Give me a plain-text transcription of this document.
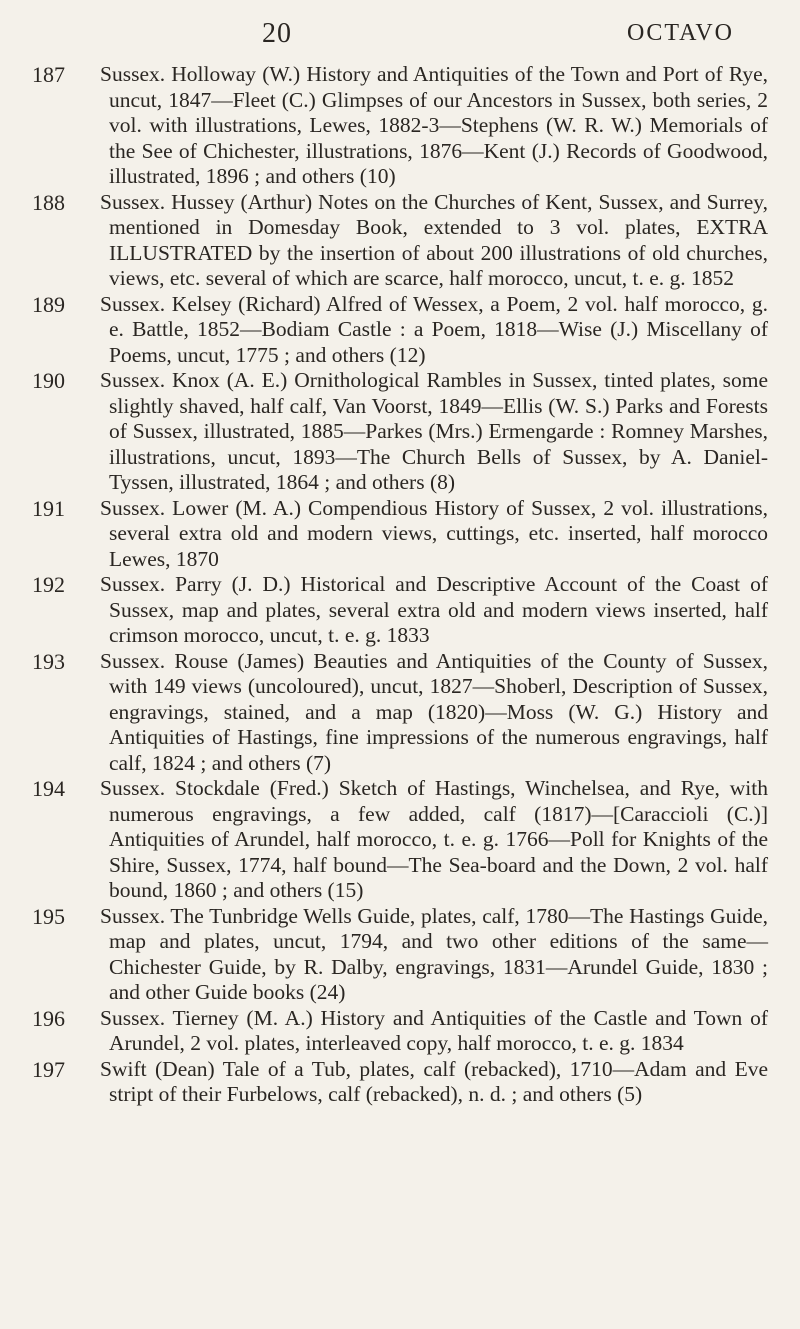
20	OCTAVO
187	Sussex. Holloway (W.) History and Antiquities of the Town and Port of Rye, uncut, 1847—Fleet (C.) Glimpses of our Ancestors in Sussex, both series, 2 vol. with illustrations, Lewes, 1882-3—Stephens (W. R. W.) Memorials of the See of Chichester, illustrations, 1876—Kent (J.) Records of Goodwood, illustrated, 1896 ; and others (10)
188	Sussex. Hussey (Arthur) Notes on the Churches of Kent, Sussex, and Surrey, mentioned in Domesday Book, extended to 3 vol. plates, EXTRA ILLUSTRATED by the insertion of about 200 illustrations of old churches, views, etc. several of which are scarce, half morocco, uncut, t. e. g. 1852
189	Sussex. Kelsey (Richard) Alfred of Wessex, a Poem, 2 vol. half morocco, g. e. Battle, 1852—Bodiam Castle : a Poem, 1818—Wise (J.) Miscellany of Poems, uncut, 1775 ; and others (12)
190	Sussex. Knox (A. E.) Ornithological Rambles in Sussex, tinted plates, some slightly shaved, half calf, Van Voorst, 1849—Ellis (W. S.) Parks and Forests of Sussex, illustrated, 1885—Parkes (Mrs.) Ermengarde : Romney Marshes, illustrations, uncut, 1893—The Church Bells of Sussex, by A. Daniel-Tyssen, illustrated, 1864 ; and others (8)
191	Sussex. Lower (M. A.) Compendious History of Sussex, 2 vol. illustrations, several extra old and modern views, cuttings, etc. inserted, half morocco Lewes, 1870
192	Sussex. Parry (J. D.) Historical and Descriptive Account of the Coast of Sussex, map and plates, several extra old and modern views inserted, half crimson morocco, uncut, t. e. g. 1833
193	Sussex. Rouse (James) Beauties and Antiquities of the County of Sussex, with 149 views (uncoloured), uncut, 1827—Shoberl, Description of Sussex, engravings, stained, and a map (1820)—Moss (W. G.) History and Antiquities of Hastings, fine impressions of the numerous engravings, half calf, 1824 ; and others (7)
194	Sussex. Stockdale (Fred.) Sketch of Hastings, Winchelsea, and Rye, with numerous engravings, a few added, calf (1817)—[Caraccioli (C.)] Antiquities of Arundel, half morocco, t. e. g. 1766—Poll for Knights of the Shire, Sussex, 1774, half bound—The Sea-board and the Down, 2 vol. half bound, 1860 ; and others (15)
195	Sussex. The Tunbridge Wells Guide, plates, calf, 1780—The Hastings Guide, map and plates, uncut, 1794, and two other editions of the same—Chichester Guide, by R. Dalby, engravings, 1831—Arundel Guide, 1830 ; and other Guide books (24)
196	Sussex. Tierney (M. A.) History and Antiquities of the Castle and Town of Arundel, 2 vol. plates, interleaved copy, half morocco, t. e. g. 1834
197	Swift (Dean) Tale of a Tub, plates, calf (rebacked), 1710—Adam and Eve stript of their Furbelows, calf (rebacked), n. d. ; and others (5)
